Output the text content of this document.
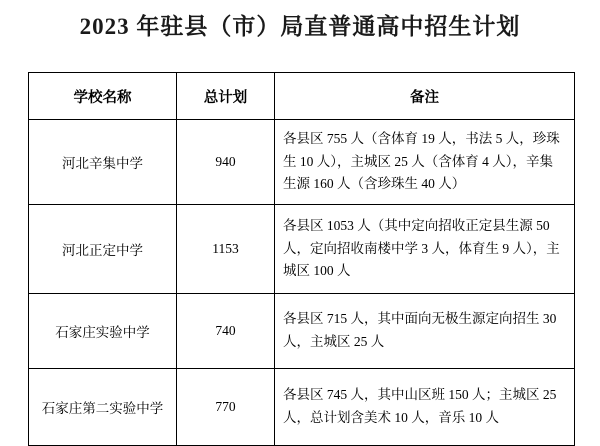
2023 年驻县（市）局直普通高中招生计划
学校名称	总计划	备注
河北辛集中学	940	各县区 755 人（含体育 19 人，书法 5 人，珍珠生 10 人），主城区 25 人（含体育 4 人），辛集生源 160 人（含珍珠生 40 人）
河北正定中学	1153	各县区 1053 人（其中定向招收正定县生源 50 人，定向招收南楼中学 3 人，体育生 9 人），主城区 100 人
石家庄实验中学	740	各县区 715 人，其中面向无极生源定向招生 30 人，主城区 25 人
石家庄第二实验中学	770	各县区 745 人，其中山区班 150 人；主城区 25 人，总计划含美术 10 人，音乐 10 人
